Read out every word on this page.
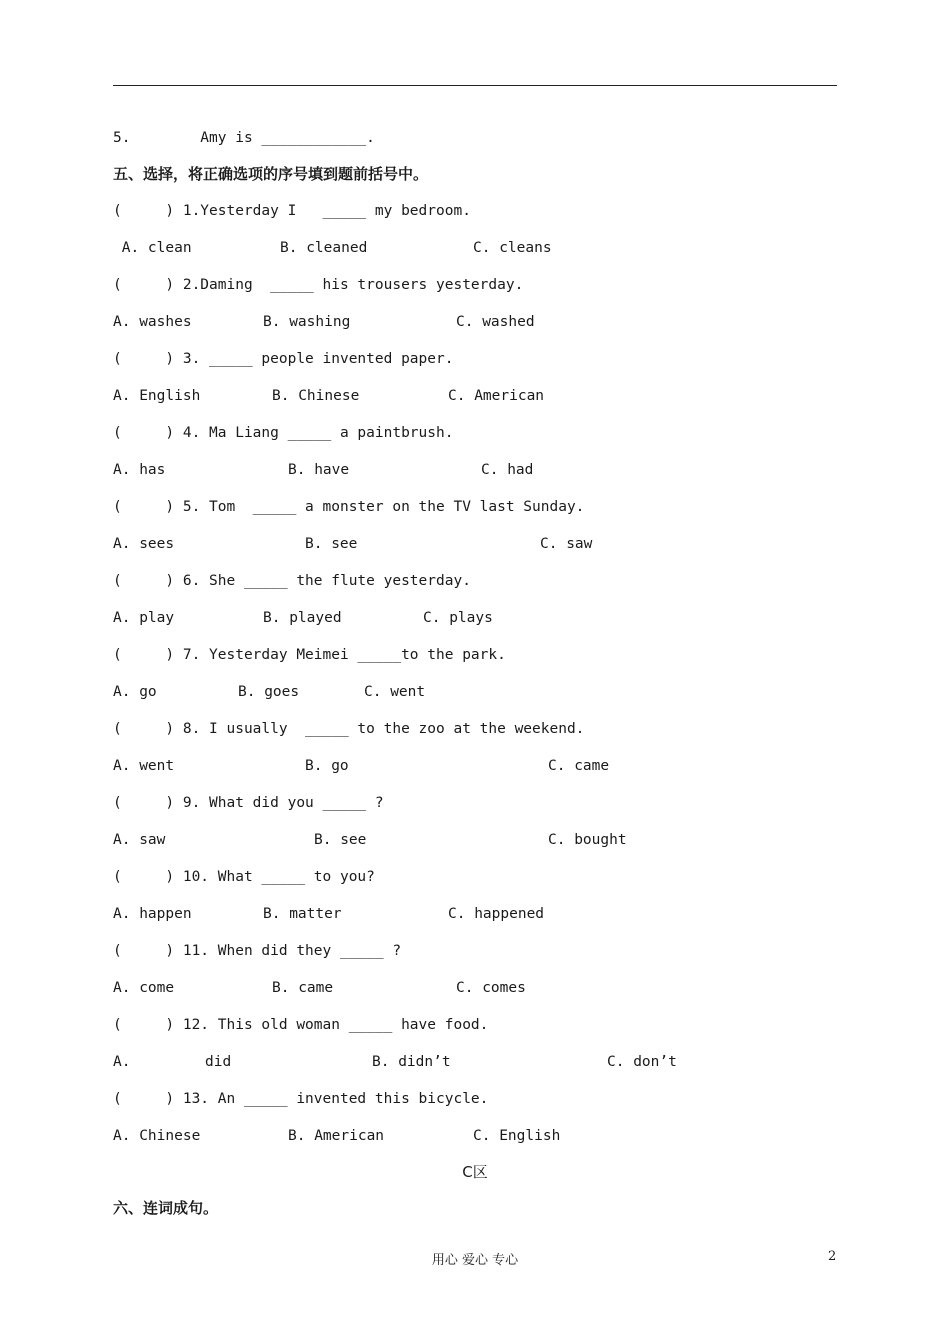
5.        Amy is ____________.
五、选择，将正确选项的序号填到题前括号中。
(     ) 1.Yesterday I   _____ my bedroom.
A. clean	B. cleaned	C. cleans
(     ) 2.Daming  _____ his trousers yesterday.
A. washes	B. washing	C. washed
(     ) 3. _____ people invented paper.
A. English	B. Chinese	C. American
(     ) 4. Ma Liang _____ a paintbrush.
A. has	B. have	C. had
(     ) 5. Tom  _____ a monster on the TV last Sunday.
A. sees	B. see	C. saw
(     ) 6. She _____ the flute yesterday.
A. play	B. played	C. plays
(     ) 7. Yesterday Meimei _____to the park.
A. go	B. goes	C. went
(     ) 8. I usually  _____ to the zoo at the weekend.
A. went	B. go	C. came
(     ) 9. What did you _____ ?
A. saw	B. see	C. bought
(     ) 10. What _____ to you?
A. happen	B. matter	C. happened
(     ) 11. When did they _____ ?
A. come	B. came	C. comes
(     ) 12. This old woman _____ have food.
A.	did	B. didn’t	C. don’t
(     ) 13. An _____ invented this bicycle.
A. Chinese	B. American	C. English
C区
六、连词成句。
用心 爱心 专心	2
